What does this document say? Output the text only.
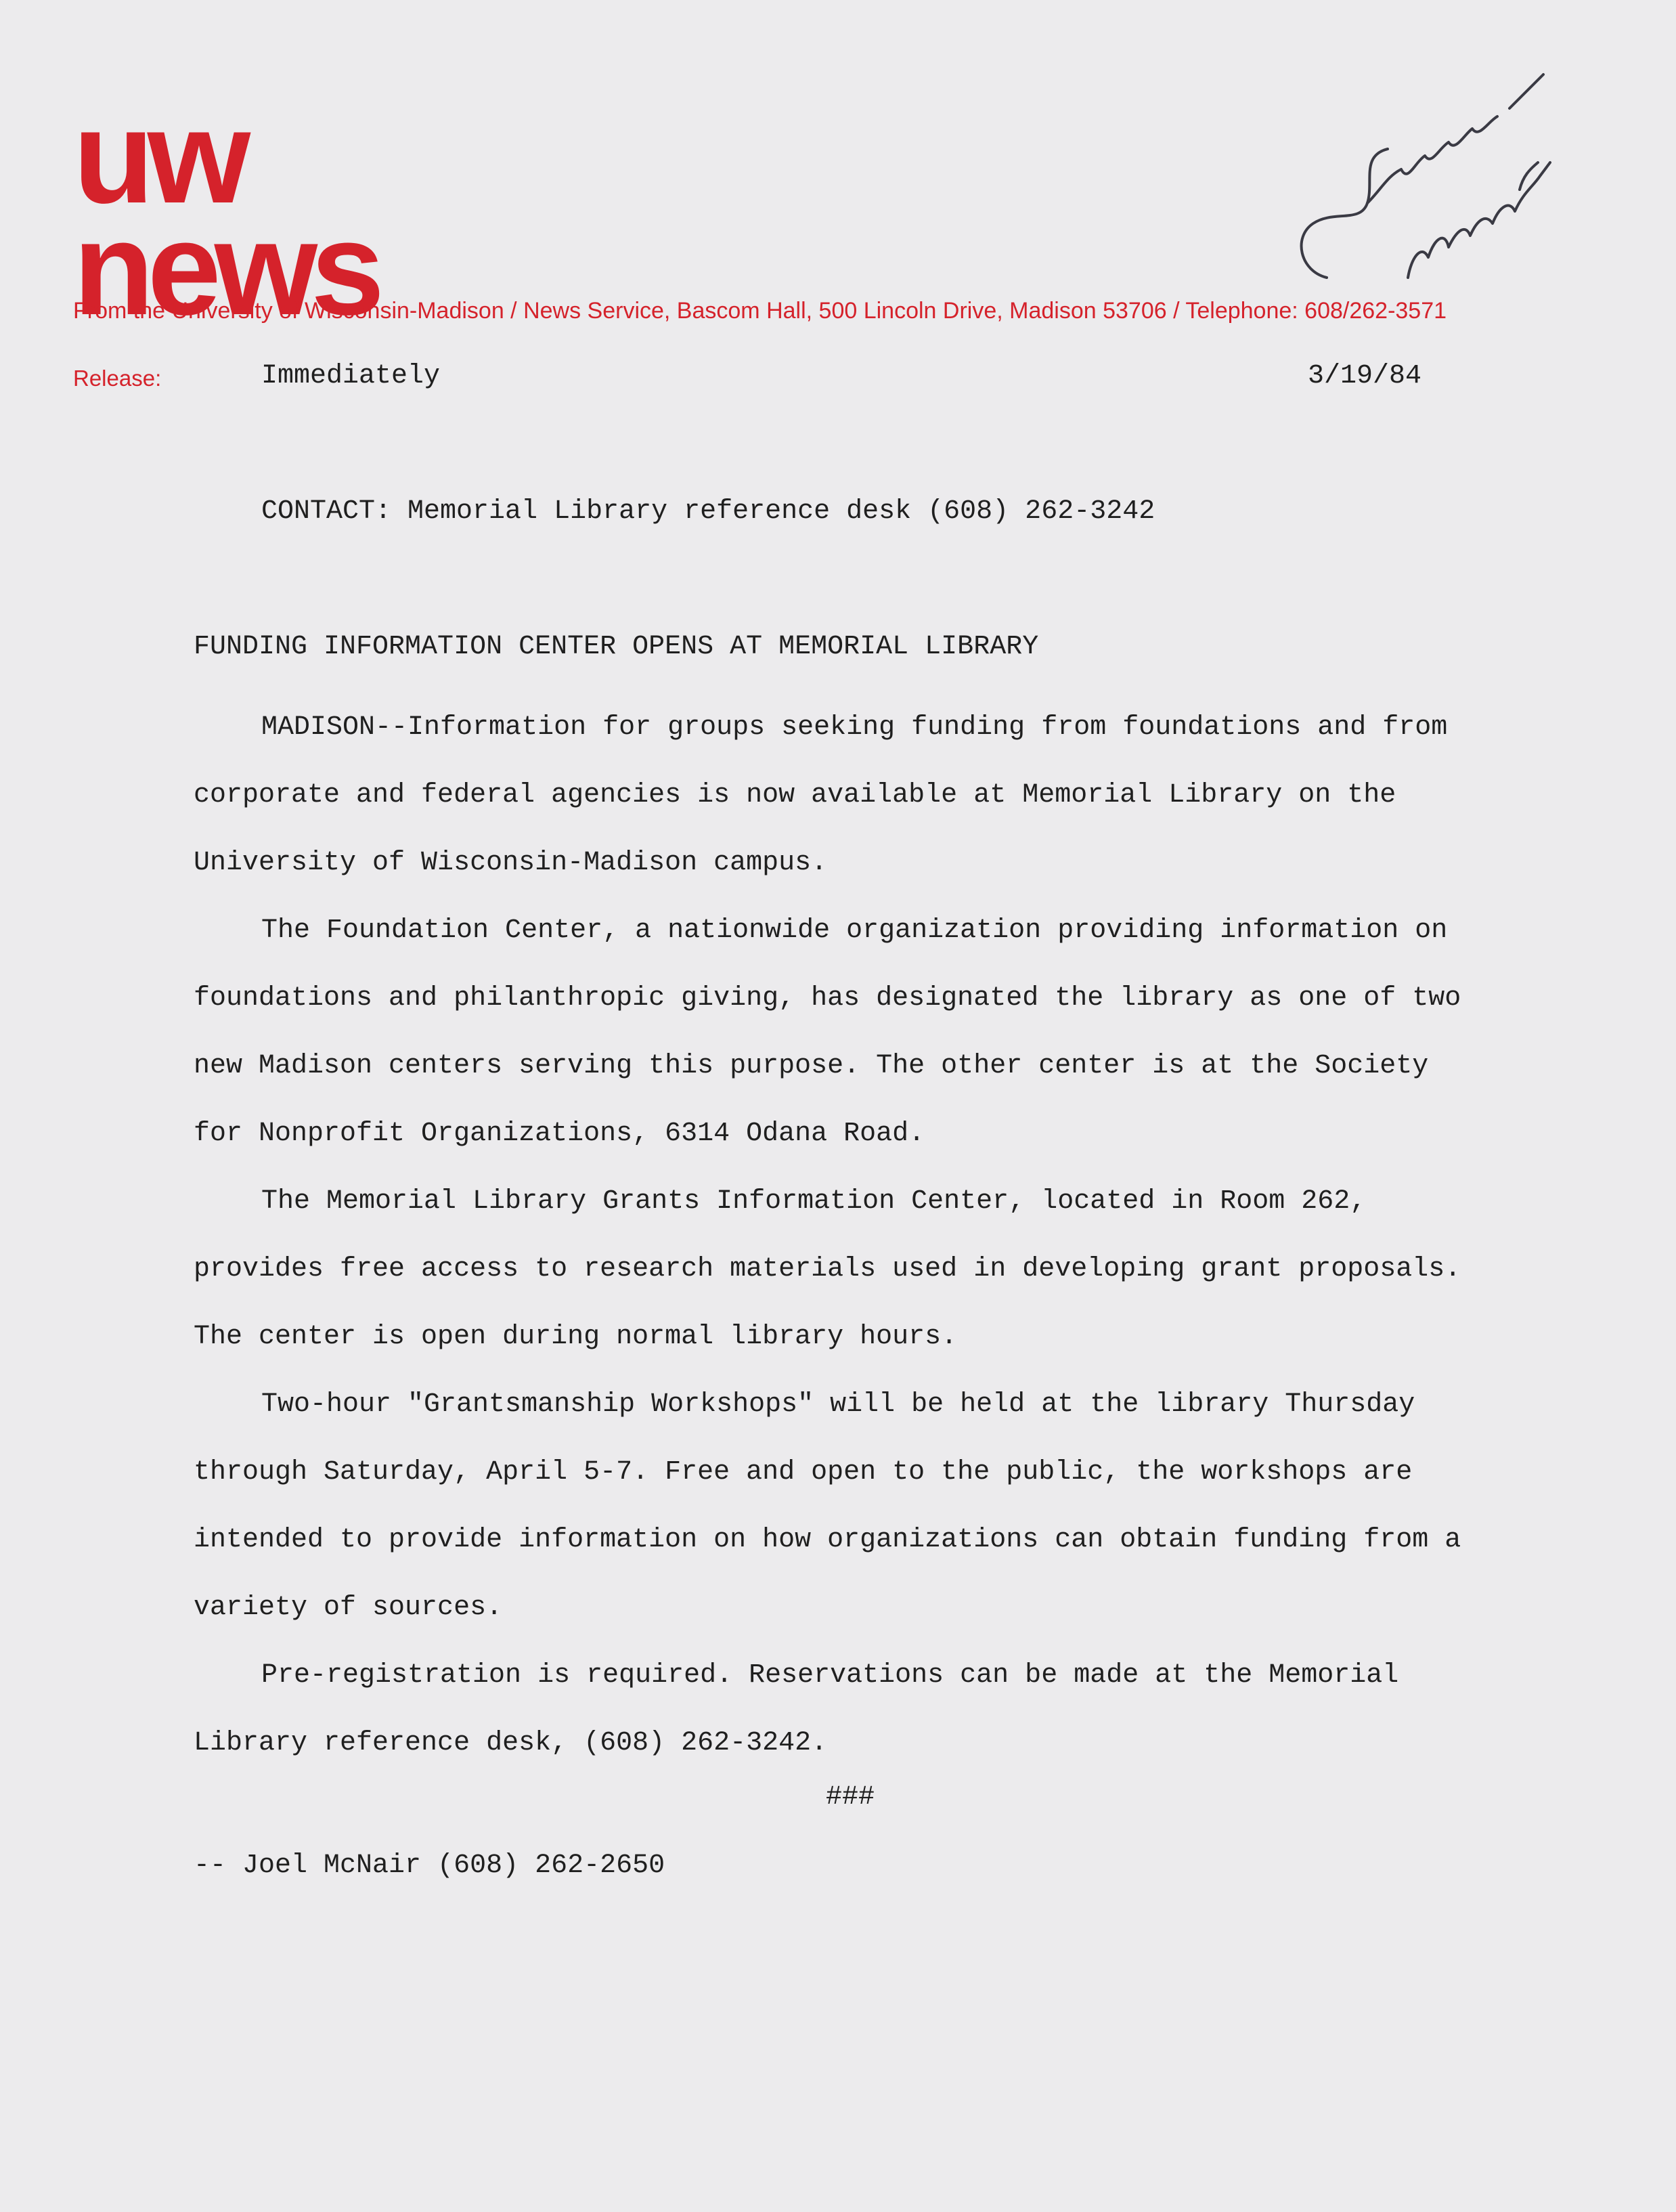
uw
news
From the University of Wisconsin-Madison / News Service, Bascom Hall, 500 Lincoln Drive, Madison 53706 / Telephone: 608/262-3571
Release:	Immediately	3/19/84
CONTACT: Memorial Library reference desk (608) 262-3242
FUNDING INFORMATION CENTER OPENS AT MEMORIAL LIBRARY

MADISON--Information for groups seeking funding from foundations and from
corporate and federal agencies is now available at Memorial Library on the
University of Wisconsin-Madison campus.

The Foundation Center, a nationwide organization providing information on
foundations and philanthropic giving, has designated the library as one of two
new Madison centers serving this purpose. The other center is at the Society
for Nonprofit Organizations, 6314 Odana Road.

The Memorial Library Grants Information Center, located in Room 262,
provides free access to research materials used in developing grant proposals.
The center is open during normal library hours.

Two-hour "Grantsmanship Workshops" will be held at the library Thursday
through Saturday, April 5-7. Free and open to the public, the workshops are
intended to provide information on how organizations can obtain funding from a
variety of sources.

Pre-registration is required. Reservations can be made at the Memorial
Library reference desk, (608) 262-3242.

###
-- Joel McNair (608) 262-2650
